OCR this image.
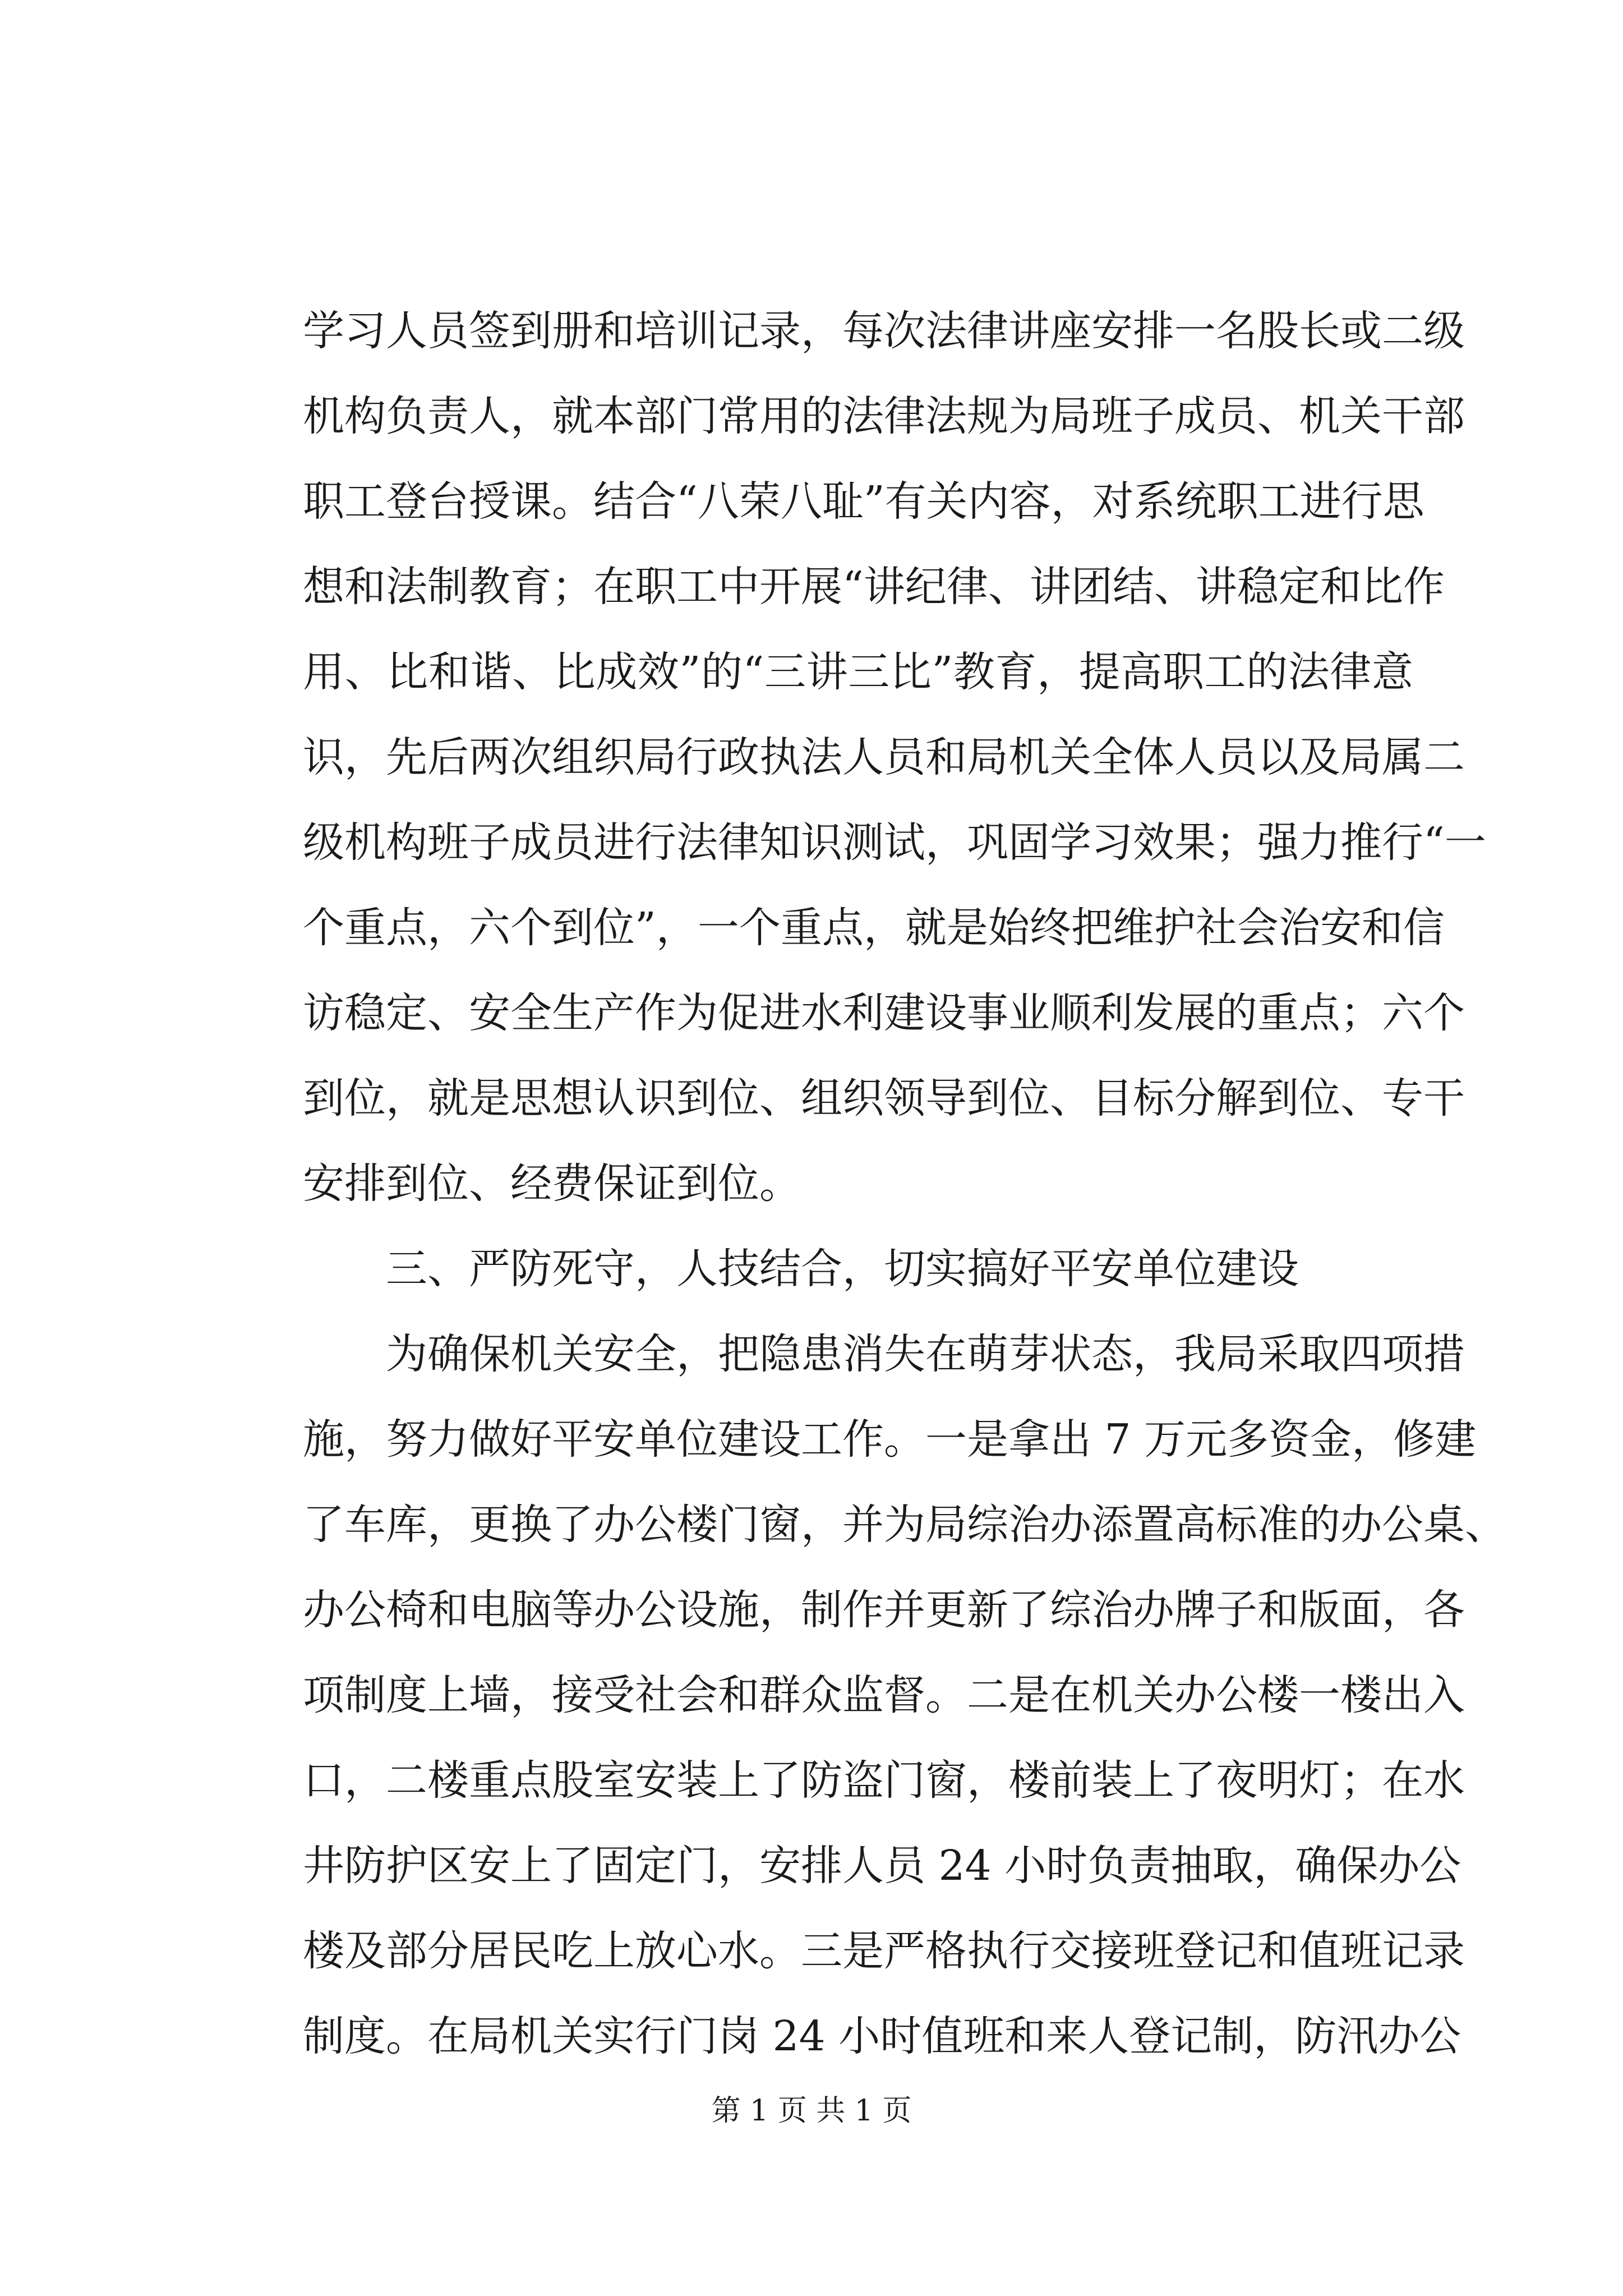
学习人员签到册和培训记录，每次法律讲座安排一名股长或二级
机构负责人，就本部门常用的法律法规为局班子成员、机关干部
职工登台授课。结合“八荣八耻”有关内容，对系统职工进行思
想和法制教育；在职工中开展“讲纪律、讲团结、讲稳定和比作
用、比和谐、比成效”的“三讲三比”教育，提高职工的法律意
识，先后两次组织局行政执法人员和局机关全体人员以及局属二
级机构班子成员进行法律知识测试，巩固学习效果；强力推行“一
个重点，六个到位”，一个重点，就是始终把维护社会治安和信
访稳定、安全生产作为促进水利建设事业顺利发展的重点；六个
到位，就是思想认识到位、组织领导到位、目标分解到位、专干
安排到位、经费保证到位。
三、严防死守，人技结合，切实搞好平安单位建设
为确保机关安全，把隐患消失在萌芽状态，我局采取四项措
施，努力做好平安单位建设工作。一是拿出 7 万元多资金，修建
了车库，更换了办公楼门窗，并为局综治办添置高标准的办公桌、
办公椅和电脑等办公设施，制作并更新了综治办牌子和版面，各
项制度上墙，接受社会和群众监督。二是在机关办公楼一楼出入
口，二楼重点股室安装上了防盗门窗，楼前装上了夜明灯；在水
井防护区安上了固定门，安排人员 24 小时负责抽取，确保办公
楼及部分居民吃上放心水。三是严格执行交接班登记和值班记录
制度。在局机关实行门岗 24 小时值班和来人登记制，防汛办公
第 1 页 共 1 页
